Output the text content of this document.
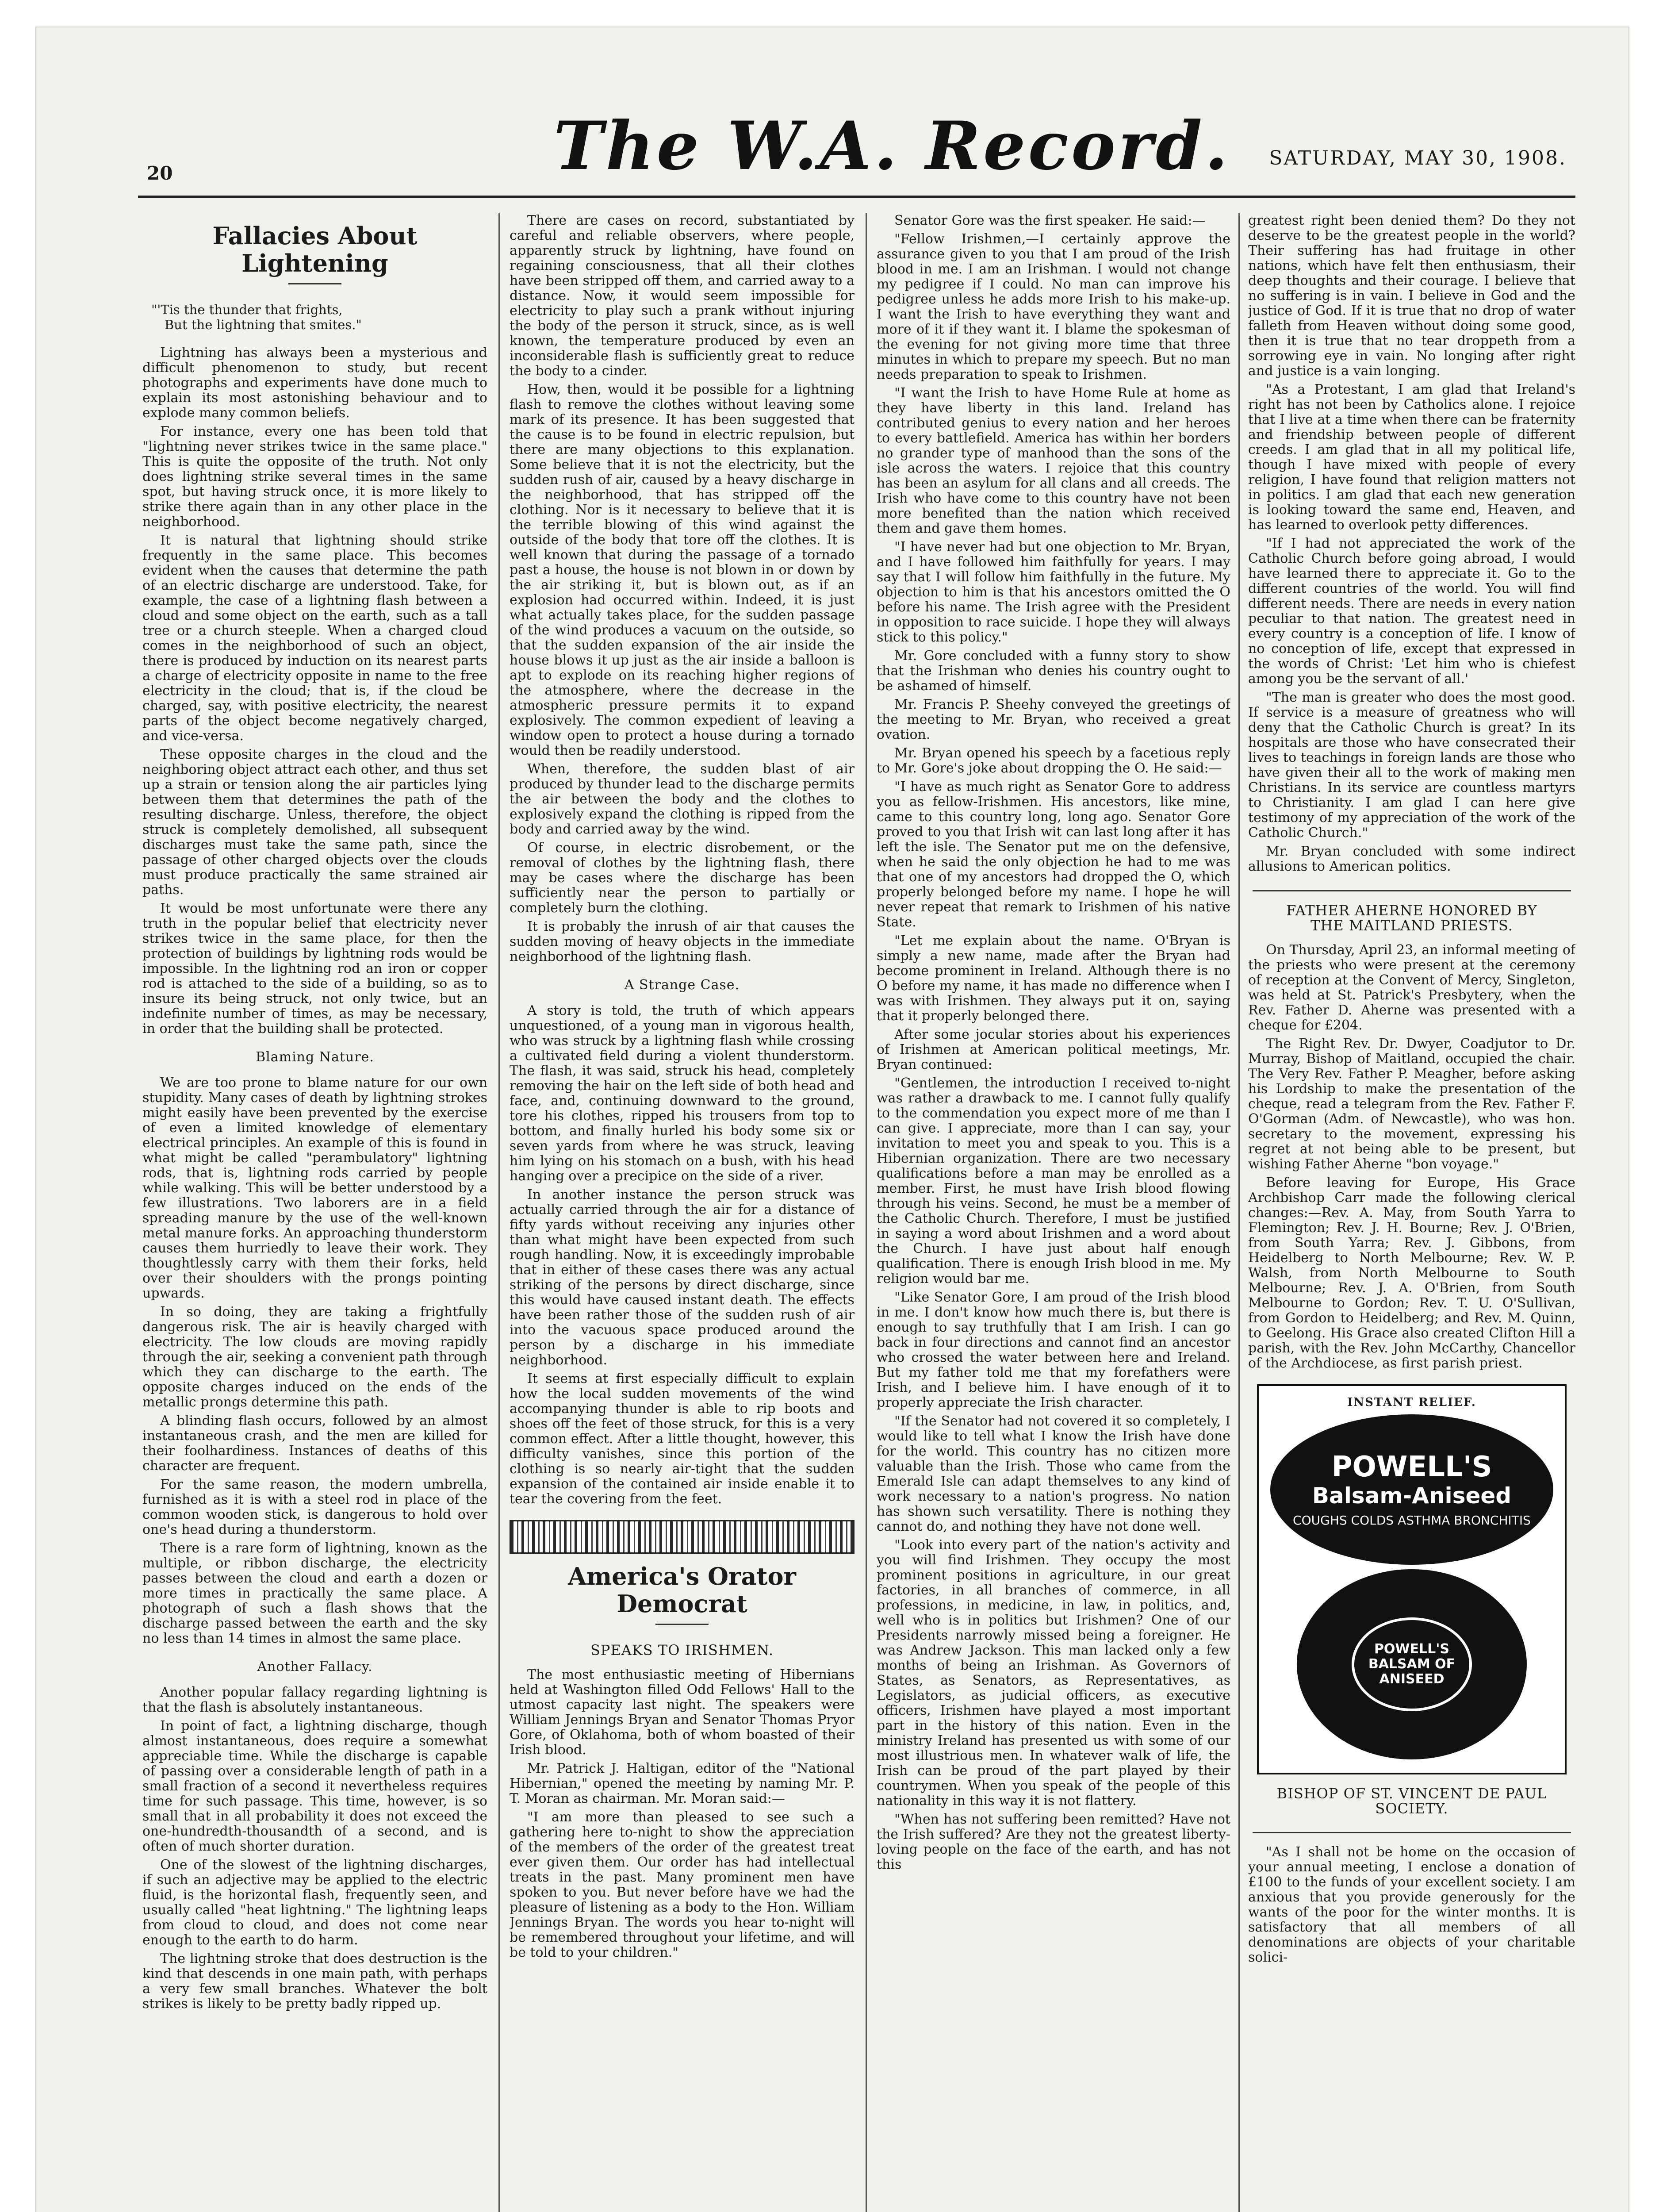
20	The W.A. Record. SATURDAY, MAY 30, 1908.
Fallacies About Lightening
"'Tis the thunder that frights,
But the lightning that smites."

Lightning has always been a mysterious and difficult phenomenon to study, but recent photographs and experiments have done much to explain its most astonishing behaviour and to explode many common beliefs.

For instance, every one has been told that "lightning never strikes twice in the same place." This is quite the opposite of the truth. Not only does lightning strike several times in the same spot, but having struck once, it is more likely to strike there again than in any other place in the neighborhood.

It is natural that lightning should strike frequently in the same place. This becomes evident when the causes that determine the path of an electric discharge are understood. Take, for example, the case of a lightning flash between a cloud and some object on the earth, such as a tall tree or a church steeple. When a charged cloud comes in the neighborhood of such an object, there is produced by induction on its nearest parts a charge of electricity opposite in name to the free electricity in the cloud; that is, if the cloud be charged, say, with positive electricity, the nearest parts of the object become negatively charged, and vice-versa.

These opposite charges in the cloud and the neighboring object attract each other, and thus set up a strain or tension along the air particles lying between them that determines the path of the resulting discharge. Unless, therefore, the object struck is completely demolished, all subsequent discharges must take the same path, since the passage of other charged objects over the clouds must produce practically the same strained air paths.

It would be most unfortunate were there any truth in the popular belief that electricity never strikes twice in the same place, for then the protection of buildings by lightning rods would be impossible. In the lightning rod an iron or copper rod is attached to the side of a building, so as to insure its being struck, not only twice, but an indefinite number of times, as may be necessary, in order that the building shall be protected.

Blaming Nature.

We are too prone to blame nature for our own stupidity. Many cases of death by lightning strokes might easily have been prevented by the exercise of even a limited knowledge of elementary electrical principles. An example of this is found in what might be called "perambulatory" lightning rods, that is, lightning rods carried by people while walking. This will be better understood by a few illustrations. Two laborers are in a field spreading manure by the use of the well-known metal manure forks. An approaching thunderstorm causes them hurriedly to leave their work. They thoughtlessly carry with them their forks, held over their shoulders with the prongs pointing upwards.

In so doing, they are taking a frightfully dangerous risk. The air is heavily charged with electricity. The low clouds are moving rapidly through the air, seeking a convenient path through which they can discharge to the earth. The opposite charges induced on the ends of the metallic prongs determine this path.

A blinding flash occurs, followed by an almost instantaneous crash, and the men are killed for their foolhardiness. Instances of deaths of this character are frequent.

For the same reason, the modern umbrella, furnished as it is with a steel rod in place of the common wooden stick, is dangerous to hold over one's head during a thunderstorm.

There is a rare form of lightning, known as the multiple, or ribbon discharge, the electricity passes between the cloud and earth a dozen or more times in practically the same place. A photograph of such a flash shows that the discharge passed between the earth and the sky no less than 14 times in almost the same place.

Another Fallacy.

Another popular fallacy regarding lightning is that the flash is absolutely instantaneous.

In point of fact, a lightning discharge, though almost instantaneous, does require a somewhat appreciable time. While the discharge is capable of passing over a considerable length of path in a small fraction of a second it nevertheless requires time for such passage. This time, however, is so small that in all probability it does not exceed the one-hundredth-thousandth of a second, and is often of much shorter duration.

One of the slowest of the lightning discharges, if such an adjective may be applied to the electric fluid, is the horizontal flash, frequently seen, and usually called "heat lightning." The lightning leaps from cloud to cloud, and does not come near enough to the earth to do harm.

The lightning stroke that does destruction is the kind that descends in one main path, with perhaps a very few small branches. Whatever the bolt strikes is likely to be pretty badly ripped up.

There are cases on record, substantiated by careful and reliable observers, where people, apparently struck by lightning, have found on regaining consciousness, that all their clothes have been stripped off them, and carried away to a distance. Now, it would seem impossible for electricity to play such a prank without injuring the body of the person it struck, since, as is well known, the temperature produced by even an inconsiderable flash is sufficiently great to reduce the body to a cinder.

How, then, would it be possible for a lightning flash to remove the clothes without leaving some mark of its presence. It has been suggested that the cause is to be found in electric repulsion, but there are many objections to this explanation. Some believe that it is not the electricity, but the sudden rush of air, caused by a heavy discharge in the neighborhood, that has stripped off the clothing. Nor is it necessary to believe that it is the terrible blowing of this wind against the outside of the body that tore off the clothes. It is well known that during the passage of a tornado past a house, the house is not blown in or down by the air striking it, but is blown out, as if an explosion had occurred within. Indeed, it is just what actually takes place, for the sudden passage of the wind produces a vacuum on the outside, so that the sudden expansion of the air inside the house blows it up just as the air inside a balloon is apt to explode on its reaching higher regions of the atmosphere, where the decrease in the atmospheric pressure permits it to expand explosively. The common expedient of leaving a window open to protect a house during a tornado would then be readily understood.

When, therefore, the sudden blast of air produced by thunder lead to the discharge permits the air between the body and the clothes to explosively expand the clothing is ripped from the body and carried away by the wind.

Of course, in electric disrobement, or the removal of clothes by the lightning flash, there may be cases where the discharge has been sufficiently near the person to partially or completely burn the clothing.

It is probably the inrush of air that causes the sudden moving of heavy objects in the immediate neighborhood of the lightning flash.

A Strange Case.

A story is told, the truth of which appears unquestioned, of a young man in vigorous health, who was struck by a lightning flash while crossing a cultivated field during a violent thunderstorm. The flash, it was said, struck his head, completely removing the hair on the left side of both head and face, and, continuing downward to the ground, tore his clothes, ripped his trousers from top to bottom, and finally hurled his body some six or seven yards from where he was struck, leaving him lying on his stomach on a bush, with his head hanging over a precipice on the side of a river.

In another instance the person struck was actually carried through the air for a distance of fifty yards without receiving any injuries other than what might have been expected from such rough handling. Now, it is exceedingly improbable that in either of these cases there was any actual striking of the persons by direct discharge, since this would have caused instant death. The effects have been rather those of the sudden rush of air into the vacuous space produced around the person by a discharge in his immediate neighborhood.

It seems at first especially difficult to explain how the local sudden movements of the wind accompanying thunder is able to rip boots and shoes off the feet of those struck, for this is a very common effect. After a little thought, however, this difficulty vanishes, since this portion of the clothing is so nearly air-tight that the sudden expansion of the contained air inside enable it to tear the covering from the feet.

America's Orator Democrat
SPEAKS TO IRISHMEN.

The most enthusiastic meeting of Hibernians held at Washington filled Odd Fellows' Hall to the utmost capacity last night. The speakers were William Jennings Bryan and Senator Thomas Pryor Gore, of Oklahoma, both of whom boasted of their Irish blood.

Mr. Patrick J. Haltigan, editor of the "National Hibernian," opened the meeting by naming Mr. P. T. Moran as chairman. Mr. Moran said:—

"I am more than pleased to see such a gathering here to-night to show the appreciation of the members of the order of the greatest treat ever given them. Our order has had intellectual treats in the past. Many prominent men have spoken to you. But never before have we had the pleasure of listening as a body to the Hon. William Jennings Bryan. The words you hear to-night will be remembered throughout your lifetime, and will be told to your children."

Senator Gore was the first speaker. He said:—

"Fellow Irishmen,—I certainly approve the assurance given to you that I am proud of the Irish blood in me. I am an Irishman. I would not change my pedigree if I could. No man can improve his pedigree unless he adds more Irish to his make-up. I want the Irish to have everything they want and more of it if they want it. I blame the spokesman of the evening for not giving more time that three minutes in which to prepare my speech. But no man needs preparation to speak to Irishmen.

"I want the Irish to have Home Rule at home as they have liberty in this land. Ireland has contributed genius to every nation and her heroes to every battlefield. America has within her borders no grander type of manhood than the sons of the isle across the waters. I rejoice that this country has been an asylum for all clans and all creeds. The Irish who have come to this country have not been more benefited than the nation which received them and gave them homes.

"I have never had but one objection to Mr. Bryan, and I have followed him faithfully for years. I may say that I will follow him faithfully in the future. My objection to him is that his ancestors omitted the O before his name. The Irish agree with the President in opposition to race suicide. I hope they will always stick to this policy."

Mr. Gore concluded with a funny story to show that the Irishman who denies his country ought to be ashamed of himself.

Mr. Francis P. Sheehy conveyed the greetings of the meeting to Mr. Bryan, who received a great ovation.

Mr. Bryan opened his speech by a facetious reply to Mr. Gore's joke about dropping the O. He said:—

"I have as much right as Senator Gore to address you as fellow-Irishmen. His ancestors, like mine, came to this country long, long ago. Senator Gore proved to you that Irish wit can last long after it has left the isle. The Senator put me on the defensive, when he said the only objection he had to me was that one of my ancestors had dropped the O, which properly belonged before my name. I hope he will never repeat that remark to Irishmen of his native State.

"Let me explain about the name. O'Bryan is simply a new name, made after the Bryan had become prominent in Ireland. Although there is no O before my name, it has made no difference when I was with Irishmen. They always put it on, saying that it properly belonged there.

After some jocular stories about his experiences of Irishmen at American political meetings, Mr. Bryan continued:

"Gentlemen, the introduction I received to-night was rather a drawback to me. I cannot fully qualify to the commendation you expect more of me than I can give. I appreciate, more than I can say, your invitation to meet you and speak to you. This is a Hibernian organization. There are two necessary qualifications before a man may be enrolled as a member. First, he must have Irish blood flowing through his veins. Second, he must be a member of the Catholic Church. Therefore, I must be justified in saying a word about Irishmen and a word about the Church. I have just about half enough qualification. There is enough Irish blood in me. My religion would bar me.

"Like Senator Gore, I am proud of the Irish blood in me. I don't know how much there is, but there is enough to say truthfully that I am Irish. I can go back in four directions and cannot find an ancestor who crossed the water between here and Ireland. But my father told me that my forefathers were Irish, and I believe him. I have enough of it to properly appreciate the Irish character.

"If the Senator had not covered it so completely, I would like to tell what I know the Irish have done for the world. This country has no citizen more valuable than the Irish. Those who came from the Emerald Isle can adapt themselves to any kind of work necessary to a nation's progress. No nation has shown such versatility. There is nothing they cannot do, and nothing they have not done well.

"Look into every part of the nation's activity and you will find Irishmen. They occupy the most prominent positions in agriculture, in our great factories, in all branches of commerce, in all professions, in medicine, in law, in politics, and, well who is in politics but Irishmen? One of our Presidents narrowly missed being a foreigner. He was Andrew Jackson. This man lacked only a few months of being an Irishman. As Governors of States, as Senators, as Representatives, as Legislators, as judicial officers, as executive officers, Irishmen have played a most important part in the history of this nation. Even in the ministry Ireland has presented us with some of our most illustrious men. In whatever walk of life, the Irish can be proud of the part played by their countrymen. When you speak of the people of this nationality in this way it is not flattery.

"When has not suffering been remitted? Have not the Irish suffered? Are they not the greatest liberty-loving people on the face of the earth, and has not this

greatest right been denied them? Do they not deserve to be the greatest people in the world? Their suffering has had fruitage in other nations, which have felt then enthusiasm, their deep thoughts and their courage. I believe that no suffering is in vain. I believe in God and the justice of God. If it is true that no drop of water falleth from Heaven without doing some good, then it is true that no tear droppeth from a sorrowing eye in vain. No longing after right and justice is a vain longing.

"As a Protestant, I am glad that Ireland's right has not been by Catholics alone. I rejoice that I live at a time when there can be fraternity and friendship between people of different creeds. I am glad that in all my political life, though I have mixed with people of every religion, I have found that religion matters not in politics. I am glad that each new generation is looking toward the same end, Heaven, and has learned to overlook petty differences.

"If I had not appreciated the work of the Catholic Church before going abroad, I would have learned there to appreciate it. Go to the different countries of the world. You will find different needs. There are needs in every nation peculiar to that nation. The greatest need in every country is a conception of life. I know of no conception of life, except that expressed in the words of Christ: 'Let him who is chiefest among you be the servant of all.'

"The man is greater who does the most good. If service is a measure of greatness who will deny that the Catholic Church is great? In its hospitals are those who have consecrated their lives to teachings in foreign lands are those who have given their all to the work of making men Christians. In its service are countless martyrs to Christianity. I am glad I can here give testimony of my appreciation of the work of the Catholic Church."

Mr. Bryan concluded with some indirect allusions to American politics.

FATHER AHERNE HONORED BY
THE MAITLAND PRIESTS.

On Thursday, April 23, an informal meeting of the priests who were present at the ceremony of reception at the Convent of Mercy, Singleton, was held at St. Patrick's Presbytery, when the Rev. Father D. Aherne was presented with a cheque for £204.

The Right Rev. Dr. Dwyer, Coadjutor to Dr. Murray, Bishop of Maitland, occupied the chair. The Very Rev. Father P. Meagher, before asking his Lordship to make the presentation of the cheque, read a telegram from the Rev. Father F. O'Gorman (Adm. of Newcastle), who was hon. secretary to the movement, expressing his regret at not being able to be present, but wishing Father Aherne "bon voyage."

Before leaving for Europe, His Grace Archbishop Carr made the following clerical changes:—Rev. A. May, from South Yarra to Flemington; Rev. J. H. Bourne; Rev. J. O'Brien, from South Yarra; Rev. J. Gibbons, from Heidelberg to North Melbourne; Rev. W. P. Walsh, from North Melbourne to South Melbourne; Rev. J. A. O'Brien, from South Melbourne to Gordon; Rev. T. U. O'Sullivan, from Gordon to Heidelberg; and Rev. M. Quinn, to Geelong. His Grace also created Clifton Hill a parish, with the Rev. John McCarthy, Chancellor of the Archdiocese, as first parish priest.

INSTANT RELIEF.
POWELL'S
Balsam-Aniseed
COUGHS COLDS ASTHMA BRONCHITIS
POWELL'S BALSAM OF ANISEED
BISHOP OF ST. VINCENT DE PAUL SOCIETY.

"As I shall not be home on the occasion of your annual meeting, I enclose a donation of £100 to the funds of your excellent society. I am anxious that you provide generously for the wants of the poor for the winter months. It is satisfactory that all members of all denominations are objects of your charitable solici-
